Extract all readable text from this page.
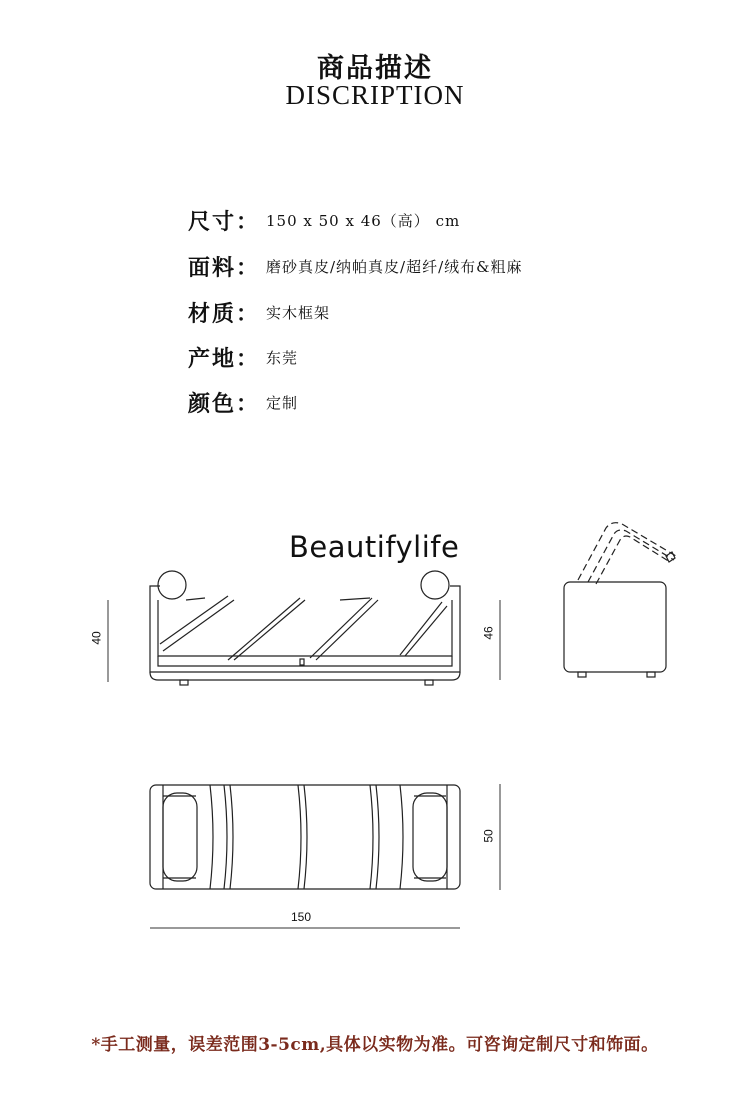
商品描述
DISCRIPTION
尺寸： 150 x 50 x 46（高） cm
面料： 磨砂真皮/纳帕真皮/超纤/绒布&粗麻
材质： 实木框架
产地： 东莞
颜色： 定制
Beautifylife
40	46
50
150
*手工测量，误差范围3-5cm,具体以实物为准。可咨询定制尺寸和饰面。
